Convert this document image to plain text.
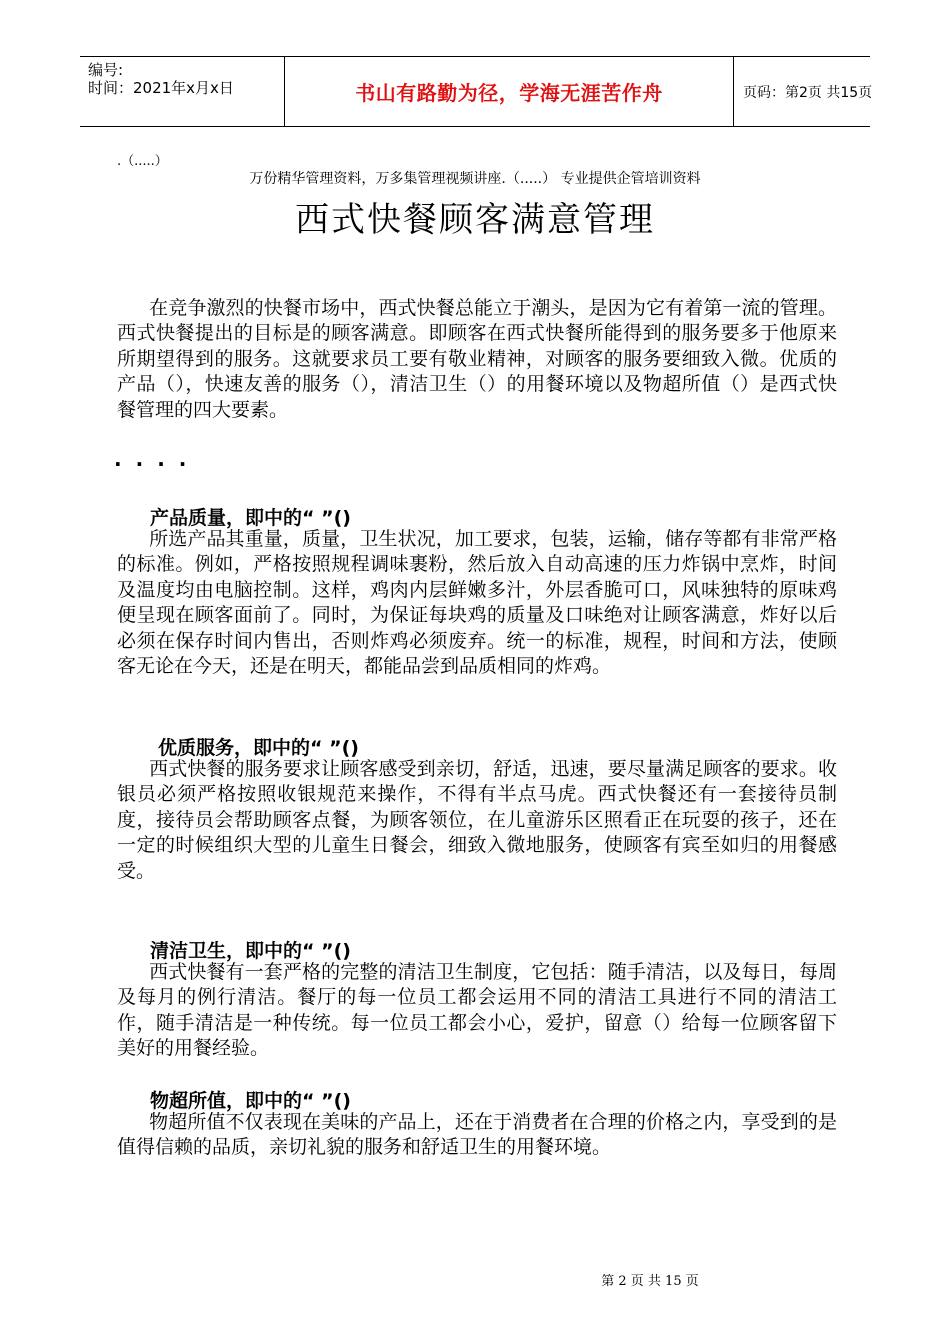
编号:
时间：2021年x月x日	书山有路勤为径，学海无涯苦作舟	页码：第2页 共15页
.（.....）
万份精华管理资料，万多集管理视频讲座.（.....） 专业提供企管培训资料
西式快餐顾客满意管理

在竞争激烈的快餐市场中，西式快餐总能立于潮头，是因为它有着第一流的管理。西式快餐提出的目标是的顾客满意。即顾客在西式快餐所能得到的服务要多于他原来所期望得到的服务。这就要求员工要有敬业精神，对顾客的服务要细致入微。优质的产品（），快速友善的服务（），清洁卫生（）的用餐环境以及物超所值（）是西式快餐管理的四大要素。

····
产品质量，即中的“ ”()

所选产品其重量，质量，卫生状况，加工要求，包装，运输，储存等都有非常严格的标准。例如，严格按照规程调味裹粉，然后放入自动高速的压力炸锅中烹炸，时间及温度均由电脑控制。这样，鸡肉内层鲜嫩多汁，外层香脆可口，风味独特的原味鸡便呈现在顾客面前了。同时，为保证每块鸡的质量及口味绝对让顾客满意，炸好以后必须在保存时间内售出，否则炸鸡必须废弃。统一的标准，规程，时间和方法，使顾客无论在今天，还是在明天，都能品尝到品质相同的炸鸡。

优质服务，即中的“ ”()

西式快餐的服务要求让顾客感受到亲切，舒适，迅速，要尽量满足顾客的要求。收银员必须严格按照收银规范来操作，不得有半点马虎。西式快餐还有一套接待员制度，接待员会帮助顾客点餐，为顾客领位，在儿童游乐区照看正在玩耍的孩子，还在一定的时候组织大型的儿童生日餐会，细致入微地服务，使顾客有宾至如归的用餐感受。

清洁卫生，即中的“ ”()

西式快餐有一套严格的完整的清洁卫生制度，它包括：随手清洁，以及每日，每周及每月的例行清洁。餐厅的每一位员工都会运用不同的清洁工具进行不同的清洁工作，随手清洁是一种传统。每一位员工都会小心，爱护，留意（）给每一位顾客留下美好的用餐经验。

物超所值，即中的“ ”()

物超所值不仅表现在美味的产品上，还在于消费者在合理的价格之内，享受到的是值得信赖的品质，亲切礼貌的服务和舒适卫生的用餐环境。

第 2 页 共 15 页
